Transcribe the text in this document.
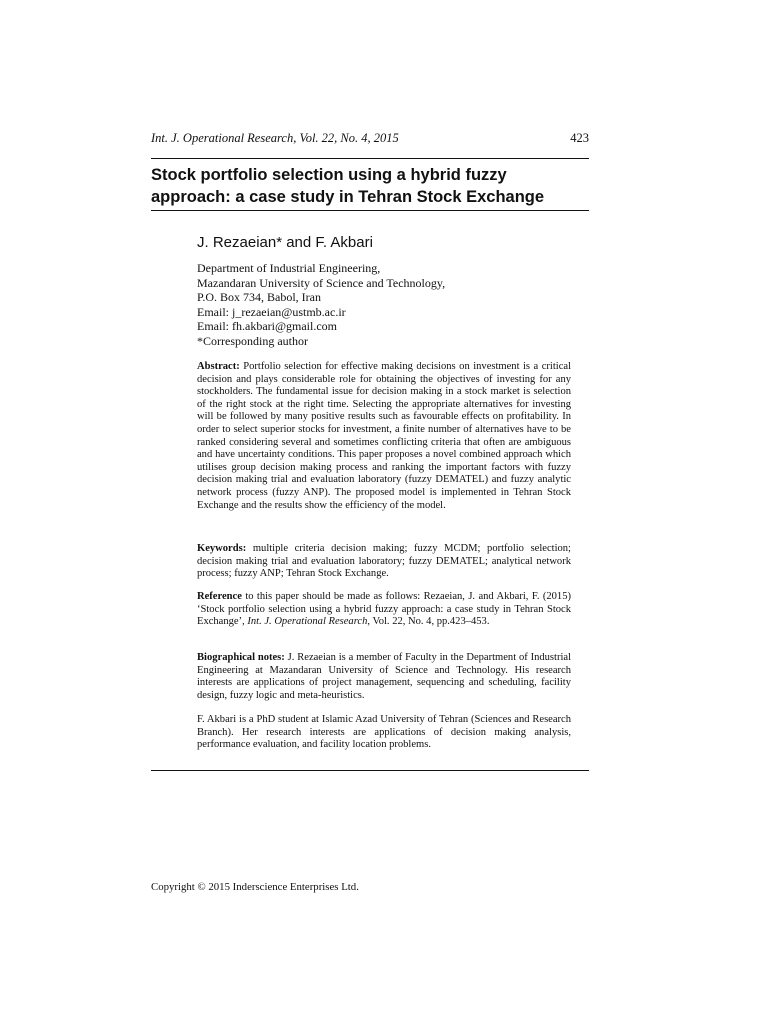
Int. J. Operational Research, Vol. 22, No. 4, 2015	423
Stock portfolio selection using a hybrid fuzzy approach: a case study in Tehran Stock Exchange

J. Rezaeian* and F. Akbari

Department of Industrial Engineering,
Mazandaran University of Science and Technology,
P.O. Box 734, Babol, Iran
Email: j_rezaeian@ustmb.ac.ir
Email: fh.akbari@gmail.com
*Corresponding author

Abstract: Portfolio selection for effective making decisions on investment is a critical decision and plays considerable role for obtaining the objectives of investing for any stockholders. The fundamental issue for decision making in a stock market is selection of the right stock at the right time. Selecting the appropriate alternatives for investing will be followed by many positive results such as favourable effects on profitability. In order to select superior stocks for investment, a finite number of alternatives have to be ranked considering several and sometimes conflicting criteria that often are ambiguous and have uncertainty conditions. This paper proposes a novel combined approach which utilises group decision making process and ranking the important factors with fuzzy decision making trial and evaluation laboratory (fuzzy DEMATEL) and fuzzy analytic network process (fuzzy ANP). The proposed model is implemented in Tehran Stock Exchange and the results show the efficiency of the model.

Keywords: multiple criteria decision making; fuzzy MCDM; portfolio selection; decision making trial and evaluation laboratory; fuzzy DEMATEL; analytical network process; fuzzy ANP; Tehran Stock Exchange.

Reference to this paper should be made as follows: Rezaeian, J. and Akbari, F. (2015) ‘Stock portfolio selection using a hybrid fuzzy approach: a case study in Tehran Stock Exchange’, Int. J. Operational Research, Vol. 22, No. 4, pp.423–453.

Biographical notes: J. Rezaeian is a member of Faculty in the Department of Industrial Engineering at Mazandaran University of Science and Technology. His research interests are applications of project management, sequencing and scheduling, facility design, fuzzy logic and meta-heuristics.

F. Akbari is a PhD student at Islamic Azad University of Tehran (Sciences and Research Branch). Her research interests are applications of decision making analysis, performance evaluation, and facility location problems.

Copyright © 2015 Inderscience Enterprises Ltd.
